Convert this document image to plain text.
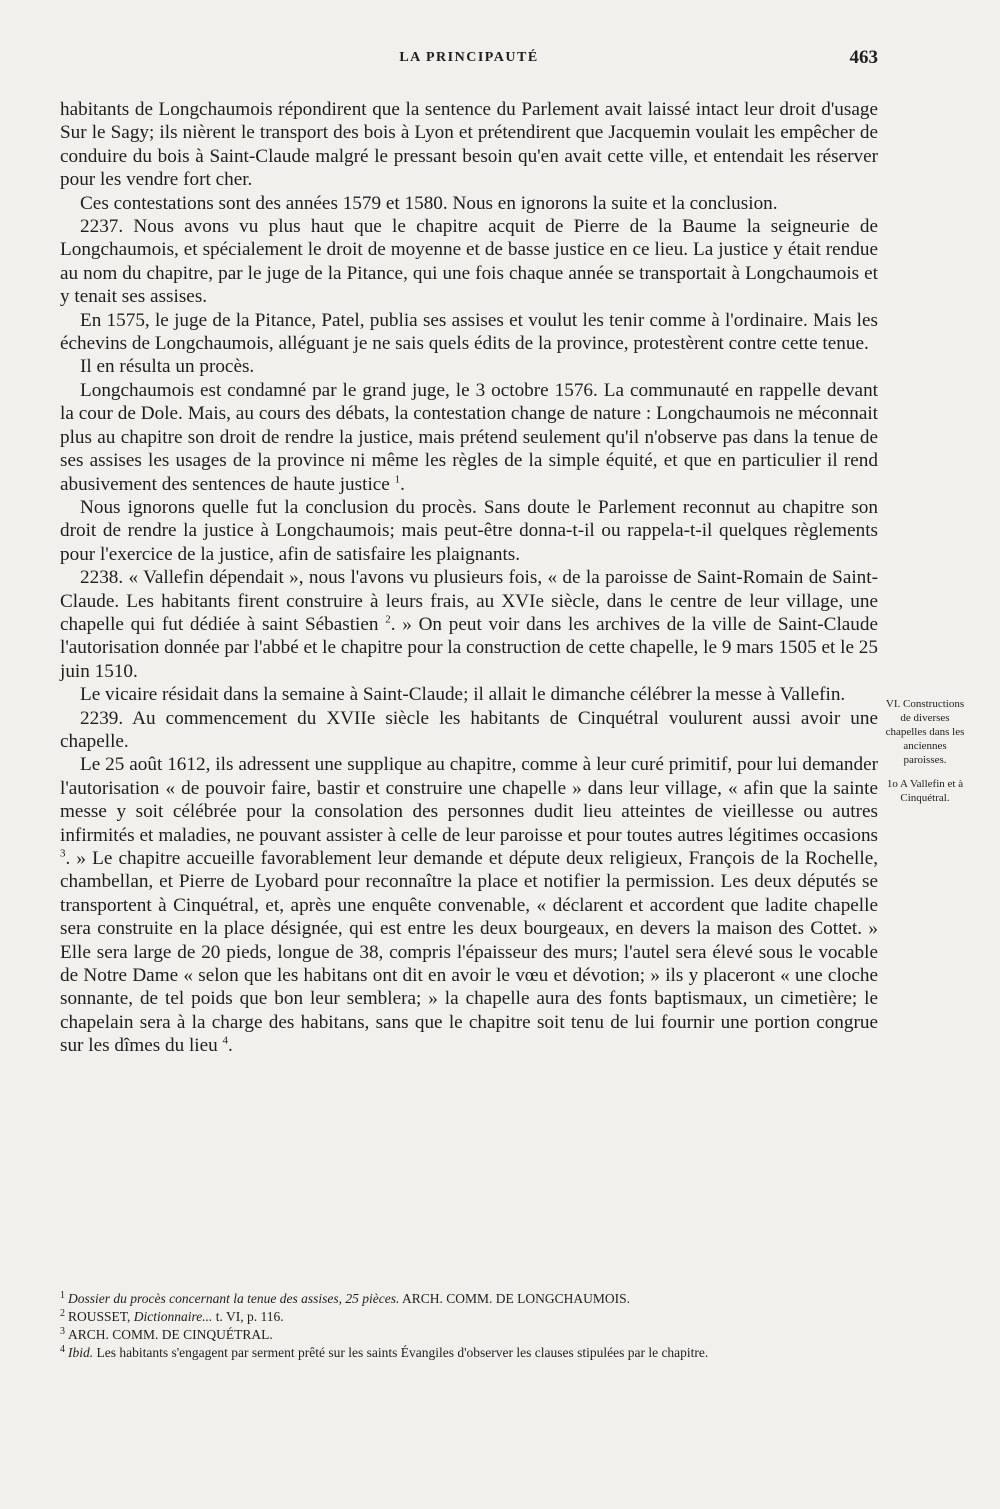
LA PRINCIPAUTÉ	463

habitants de Longchaumois répondirent que la sentence du Parlement avait laissé intact leur droit d'usage Sur le Sagy; ils nièrent le transport des bois à Lyon et prétendirent que Jacquemin voulait les empêcher de conduire du bois à Saint-Claude malgré le pressant besoin qu'en avait cette ville, et entendait les réserver pour les vendre fort cher.

Ces contestations sont des années 1579 et 1580. Nous en ignorons la suite et la conclusion.

2237. Nous avons vu plus haut que le chapitre acquit de Pierre de la Baume la seigneurie de Longchaumois, et spécialement le droit de moyenne et de basse justice en ce lieu. La justice y était rendue au nom du chapitre, par le juge de la Pitance, qui une fois chaque année se transportait à Longchaumois et y tenait ses assises.

En 1575, le juge de la Pitance, Patel, publia ses assises et voulut les tenir comme à l'ordinaire. Mais les échevins de Longchaumois, alléguant je ne sais quels édits de la province, protestèrent contre cette tenue.

Il en résulta un procès.

Longchaumois est condamné par le grand juge, le 3 octobre 1576. La communauté en rappelle devant la cour de Dole. Mais, au cours des débats, la contestation change de nature : Longchaumois ne méconnait plus au chapitre son droit de rendre la justice, mais prétend seulement qu'il n'observe pas dans la tenue de ses assises les usages de la province ni même les règles de la simple équité, et que en particulier il rend abusivement des sentences de haute justice $^1$.

Nous ignorons quelle fut la conclusion du procès. Sans doute le Parlement reconnut au chapitre son droit de rendre la justice à Longchaumois; mais peut-être donna-t-il ou rappela-t-il quelques règlements pour l'exercice de la justice, afin de satisfaire les plaignants.

2238. « Vallefin dépendait », nous l'avons vu plusieurs fois, « de la paroisse de Saint-Romain de Saint-Claude. Les habitants firent construire à leurs frais, au XVIe siècle, dans le centre de leur village, une chapelle qui fut dédiée à saint Sébastien $^2$. » On peut voir dans les archives de la ville de Saint-Claude l'autorisation donnée par l'abbé et le chapitre pour la construction de cette chapelle, le 9 mars 1505 et le 25 juin 1510.

Le vicaire résidait dans la semaine à Saint-Claude; il allait le dimanche célébrer la messe à Vallefin.

2239. Au commencement du XVIIe siècle les habitants de Cinquétral voulurent aussi avoir une chapelle.

Le 25 août 1612, ils adressent une supplique au chapitre, comme à leur curé primitif, pour lui demander l'autorisation « de pouvoir faire, bastir et construire une chapelle » dans leur village, « afin que la sainte messe y soit célébrée pour la consolation des personnes dudit lieu atteintes de vieillesse ou autres infirmités et maladies, ne pouvant assister à celle de leur paroisse et pour toutes autres légitimes occasions $^3$. » Le chapitre accueille favorablement leur demande et députe deux religieux, François de la Rochelle, chambellan, et Pierre de Lyobard pour reconnaître la place et notifier la permission. Les deux députés se transportent à Cinquétral, et, après une enquête convenable, « déclarent et accordent que ladite chapelle sera construite en la place désignée, qui est entre les deux bourgeaux, en devers la maison des Cottet. » Elle sera large de 20 pieds, longue de 38, compris l'épaisseur des murs; l'autel sera élevé sous le vocable de Notre Dame « selon que les habitans ont dit en avoir le vœu et dévotion; » ils y placeront « une cloche sonnante, de tel poids que bon leur semblera; » la chapelle aura des fonts baptismaux, un cimetière; le chapelain sera à la charge des habitans, sans que le chapitre soit tenu de lui fournir une portion congrue sur les dîmes du lieu $^4$.

VI. Constructions de diverses chapelles dans les anciennes paroisses.
1o A Vallefin et à Cinquétral.

$^1$ Dossier du procès concernant la tenue des assises, 25 pièces. ARCH. COMM. DE LONGCHAUMOIS.

$^2$ ROUSSET, Dictionnaire... t. VI, p. 116.

$^3$ ARCH. COMM. DE CINQUÉTRAL.

$^4$ Ibid. Les habitants s'engagent par serment prêté sur les saints Évangiles d'observer les clauses stipulées par le chapitre.
